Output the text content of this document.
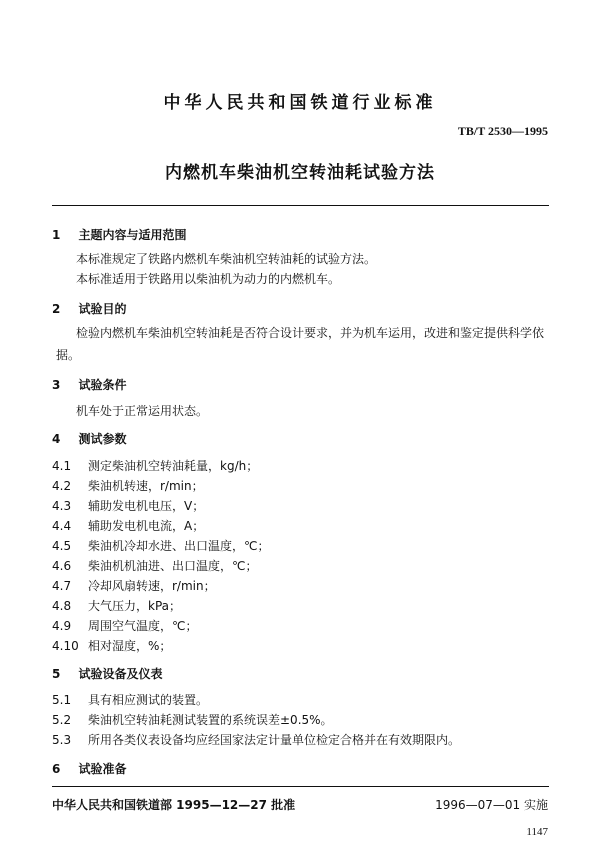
中华人民共和国铁道行业标准
TB/T 2530—1995
内燃机车柴油机空转油耗试验方法
1 主题内容与适用范围
本标准规定了铁路内燃机车柴油机空转油耗的试验方法。
本标准适用于铁路用以柴油机为动力的内燃机车。
2 试验目的
检验内燃机车柴油机空转油耗是否符合设计要求，并为机车运用，改进和鉴定提供科学依
据。
3 试验条件
机车处于正常运用状态。
4 测试参数
4.1 测定柴油机空转油耗量，kg/h；
4.2 柴油机转速，r/min；
4.3 辅助发电机电压，V；
4.4 辅助发电机电流，A；
4.5 柴油机冷却水进、出口温度，℃；
4.6 柴油机机油进、出口温度，℃；
4.7 冷却风扇转速，r/min；
4.8 大气压力，kPa；
4.9 周围空气温度，℃；
4.10 相对湿度，%；
5 试验设备及仪表
5.1 具有相应测试的装置。
5.2 柴油机空转油耗测试装置的系统误差±0.5%。
5.3 所用各类仪表设备均应经国家法定计量单位检定合格并在有效期限内。
6 试验准备
中华人民共和国铁道部 1995—12—27 批准	1996—07—01 实施
1147
